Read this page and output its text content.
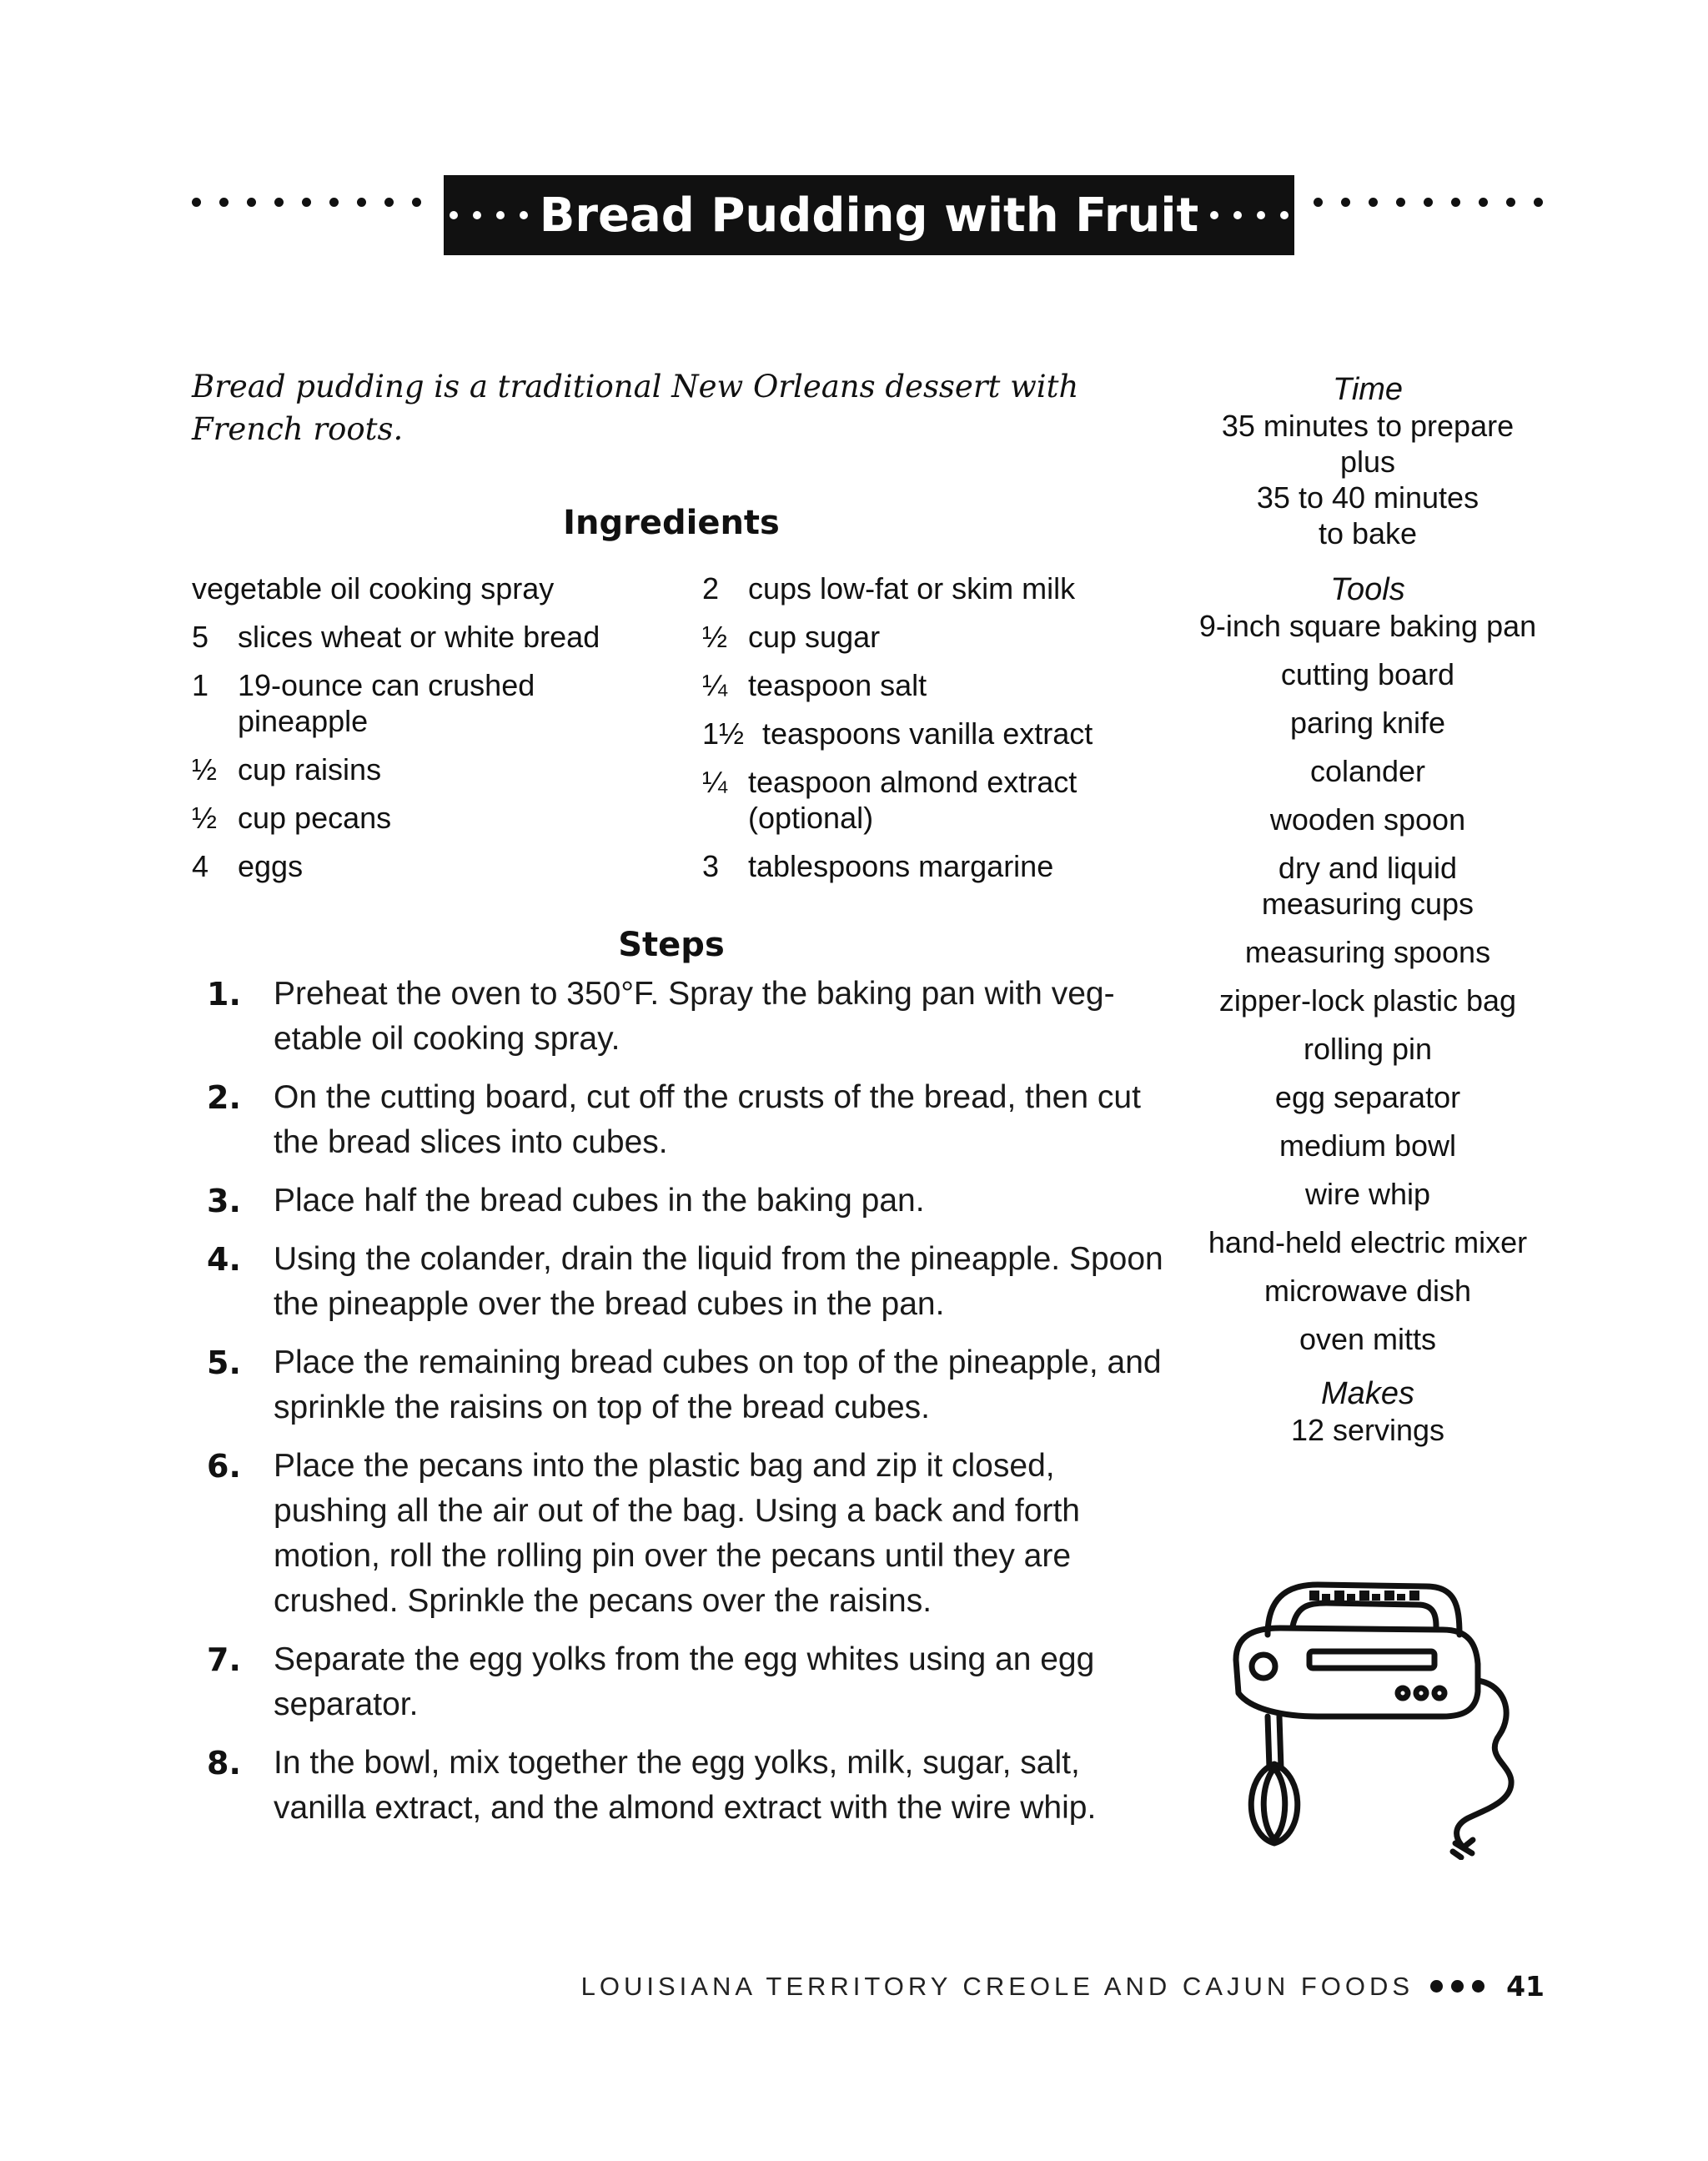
Bread Pudding with Fruit
Bread pudding is a traditional New Orleans dessert with French roots.
Ingredients
vegetable oil cooking spray
5 slices wheat or white bread
1 19-ounce can crushed pineapple
½ cup raisins
½ cup pecans
4 eggs
2 cups low-fat or skim milk
½ cup sugar
¼ teaspoon salt
1½ teaspoons vanilla extract
¼ teaspoon almond extract (optional)
3 tablespoons margarine
Steps
1.	Preheat the oven to 350°F. Spray the baking pan with vegetable oil cooking spray.
2.	On the cutting board, cut off the crusts of the bread, then cut the bread slices into cubes.
3.	Place half the bread cubes in the baking pan.
4.	Using the colander, drain the liquid from the pineapple. Spoon the pineapple over the bread cubes in the pan.
5.	Place the remaining bread cubes on top of the pineapple, and sprinkle the raisins on top of the bread cubes.
6.	Place the pecans into the plastic bag and zip it closed, pushing all the air out of the bag. Using a back and forth motion, roll the rolling pin over the pecans until they are crushed. Sprinkle the pecans over the raisins.
7.	Separate the egg yolks from the egg whites using an egg separator.
8.	In the bowl, mix together the egg yolks, milk, sugar, salt, vanilla extract, and the almond extract with the wire whip.
Time
35 minutes to prepare
plus
35 to 40 minutes
to bake
Tools
9-inch square baking pan
cutting board
paring knife
colander
wooden spoon
dry and liquid measuring cups
measuring spoons
zipper-lock plastic bag
rolling pin
egg separator
medium bowl
wire whip
hand-held electric mixer
microwave dish
oven mitts
Makes
12 servings
LOUISIANA TERRITORY CREOLE AND CAJUN FOODS	41
